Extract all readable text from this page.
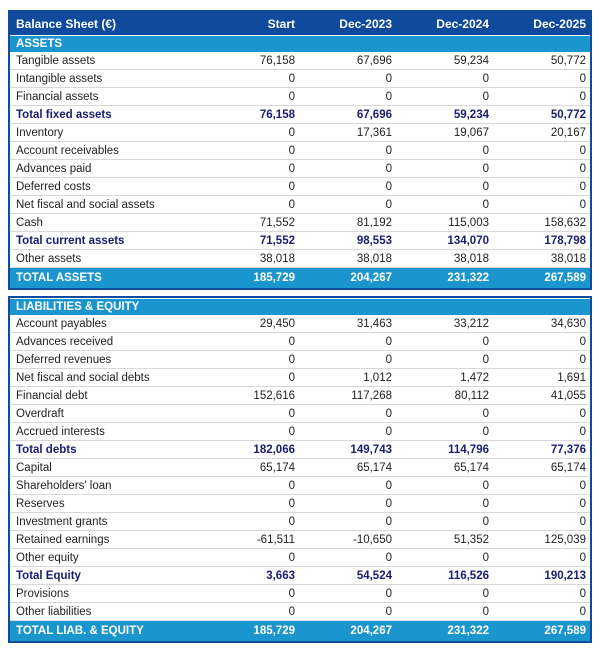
Balance Sheet (€)	Start	Dec-2023	Dec-2024	Dec-2025
ASSETS
Tangible assets	76,158	67,696	59,234	50,772
Intangible assets	0	0	0	0
Financial assets	0	0	0	0
Total fixed assets	76,158	67,696	59,234	50,772
Inventory	0	17,361	19,067	20,167
Account receivables	0	0	0	0
Advances paid	0	0	0	0
Deferred costs	0	0	0	0
Net fiscal and social assets	0	0	0	0
Cash	71,552	81,192	115,003	158,632
Total current assets	71,552	98,553	134,070	178,798
Other assets	38,018	38,018	38,018	38,018
TOTAL ASSETS	185,729	204,267	231,322	267,589
LIABILITIES & EQUITY
Account payables	29,450	31,463	33,212	34,630
Advances received	0	0	0	0
Deferred revenues	0	0	0	0
Net fiscal and social debts	0	1,012	1,472	1,691
Financial debt	152,616	117,268	80,112	41,055
Overdraft	0	0	0	0
Accrued interests	0	0	0	0
Total debts	182,066	149,743	114,796	77,376
Capital	65,174	65,174	65,174	65,174
Shareholders' loan	0	0	0	0
Reserves	0	0	0	0
Investment grants	0	0	0	0
Retained earnings	-61,511	-10,650	51,352	125,039
Other equity	0	0	0	0
Total Equity	3,663	54,524	116,526	190,213
Provisions	0	0	0	0
Other liabilities	0	0	0	0
TOTAL LIAB. & EQUITY	185,729	204,267	231,322	267,589
